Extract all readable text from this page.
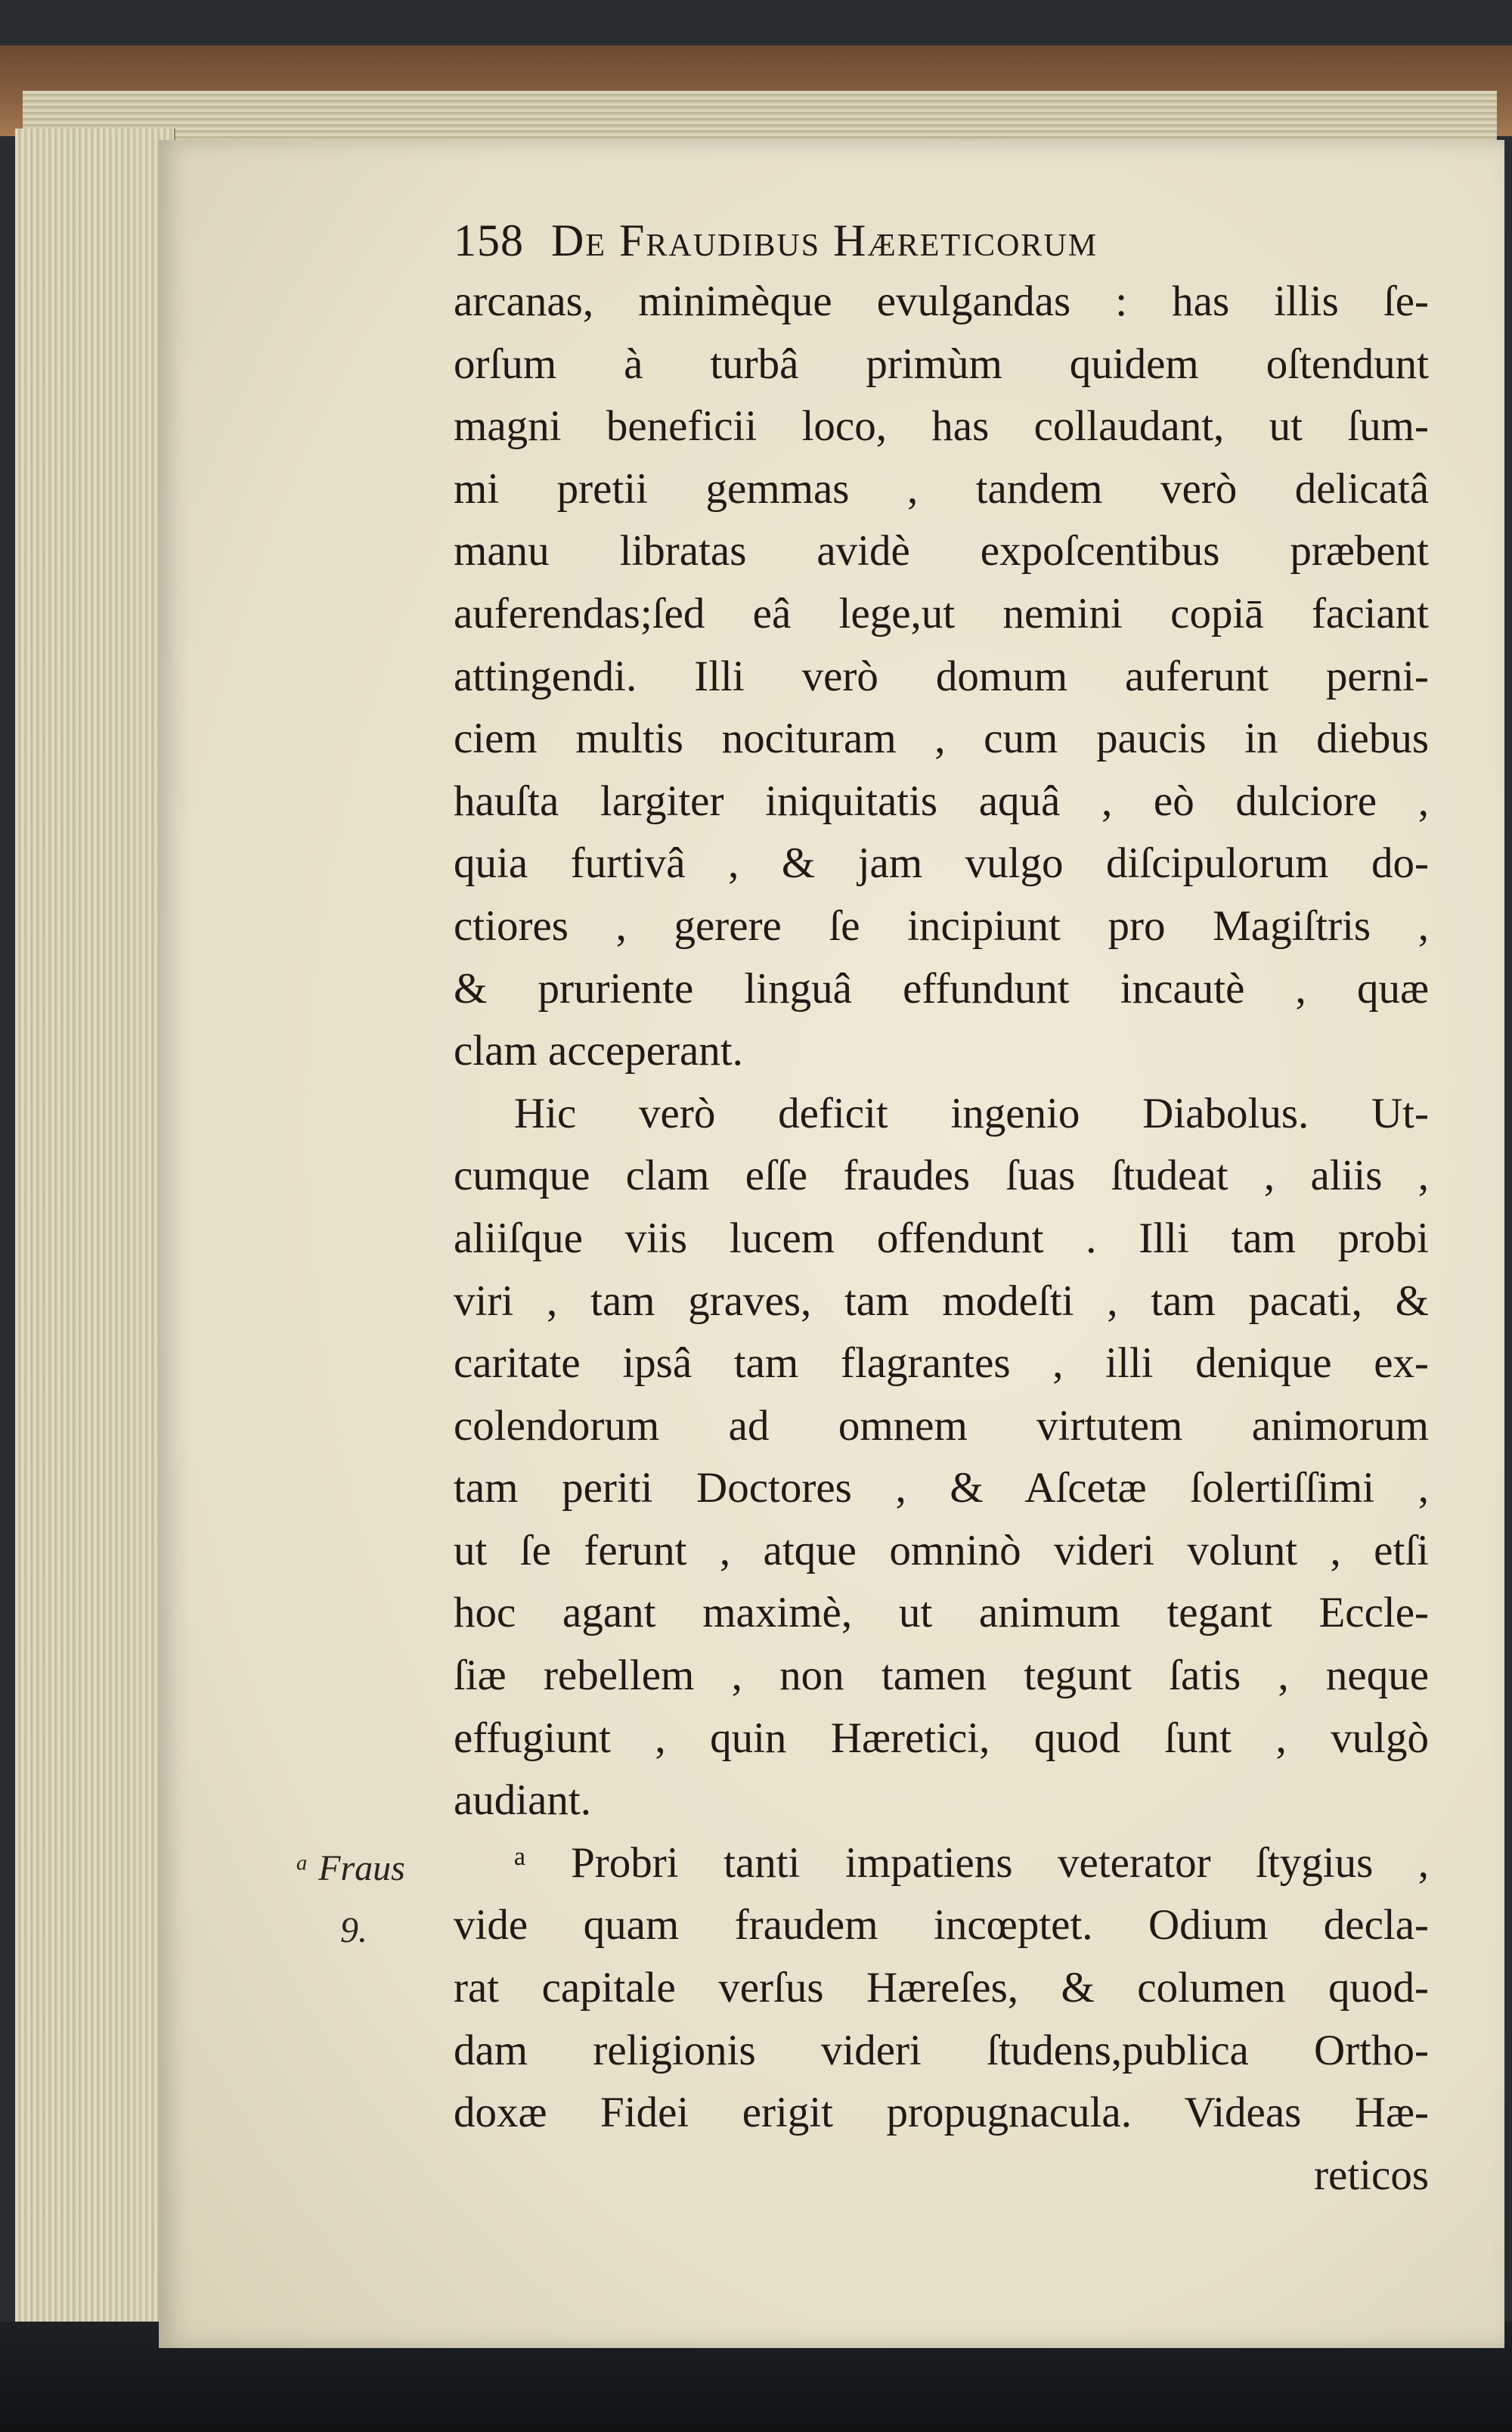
158 De Fraudibus Hæreticorum
arcanas, minimèque evulgandas : has illis ſe-
orſum à turbâ primùm quidem oſtendunt
magni beneficii loco, has collaudant, ut ſum-
mi pretii gemmas , tandem verò delicatâ
manu libratas avidè expoſcentibus præbent
auferendas;ſed eâ lege,ut nemini copiā faciant
attingendi. Illi verò domum auferunt perni-
ciem multis nocituram , cum paucis in diebus
hauſta largiter iniquitatis aquâ , eò dulciore ,
quia furtivâ , & jam vulgo diſcipulorum do-
ctiores , gerere ſe incipiunt pro Magiſtris ,
& pruriente linguâ effundunt incautè , quæ
clam acceperant.
Hic verò deficit ingenio Diabolus. Ut-
cumque clam eſſe fraudes ſuas ſtudeat , aliis ,
aliiſque viis lucem offendunt . Illi tam probi
viri , tam graves, tam modeſti , tam pacati, &
caritate ipsâ tam flagrantes , illi denique ex-
colendorum ad omnem virtutem animorum
tam periti Doctores , & Aſcetæ ſolertiſſimi ,
ut ſe ferunt , atque omninò videri volunt , etſi
hoc agant maximè, ut animum tegant Eccle-
ſiæ rebellem , non tamen tegunt ſatis , neque
effugiunt , quin Hæretici, quod ſunt , vulgò
audiant.
ᵃ Probri tanti impatiens veterator ſtygius ,
vide quam fraudem incœptet. Odium decla-
rat capitale verſus Hæreſes, & columen quod-
dam religionis videri ſtudens,publica Ortho-
doxæ Fidei erigit propugnacula. Videas Hæ-
reticos
ᵃ Fraus
9.
